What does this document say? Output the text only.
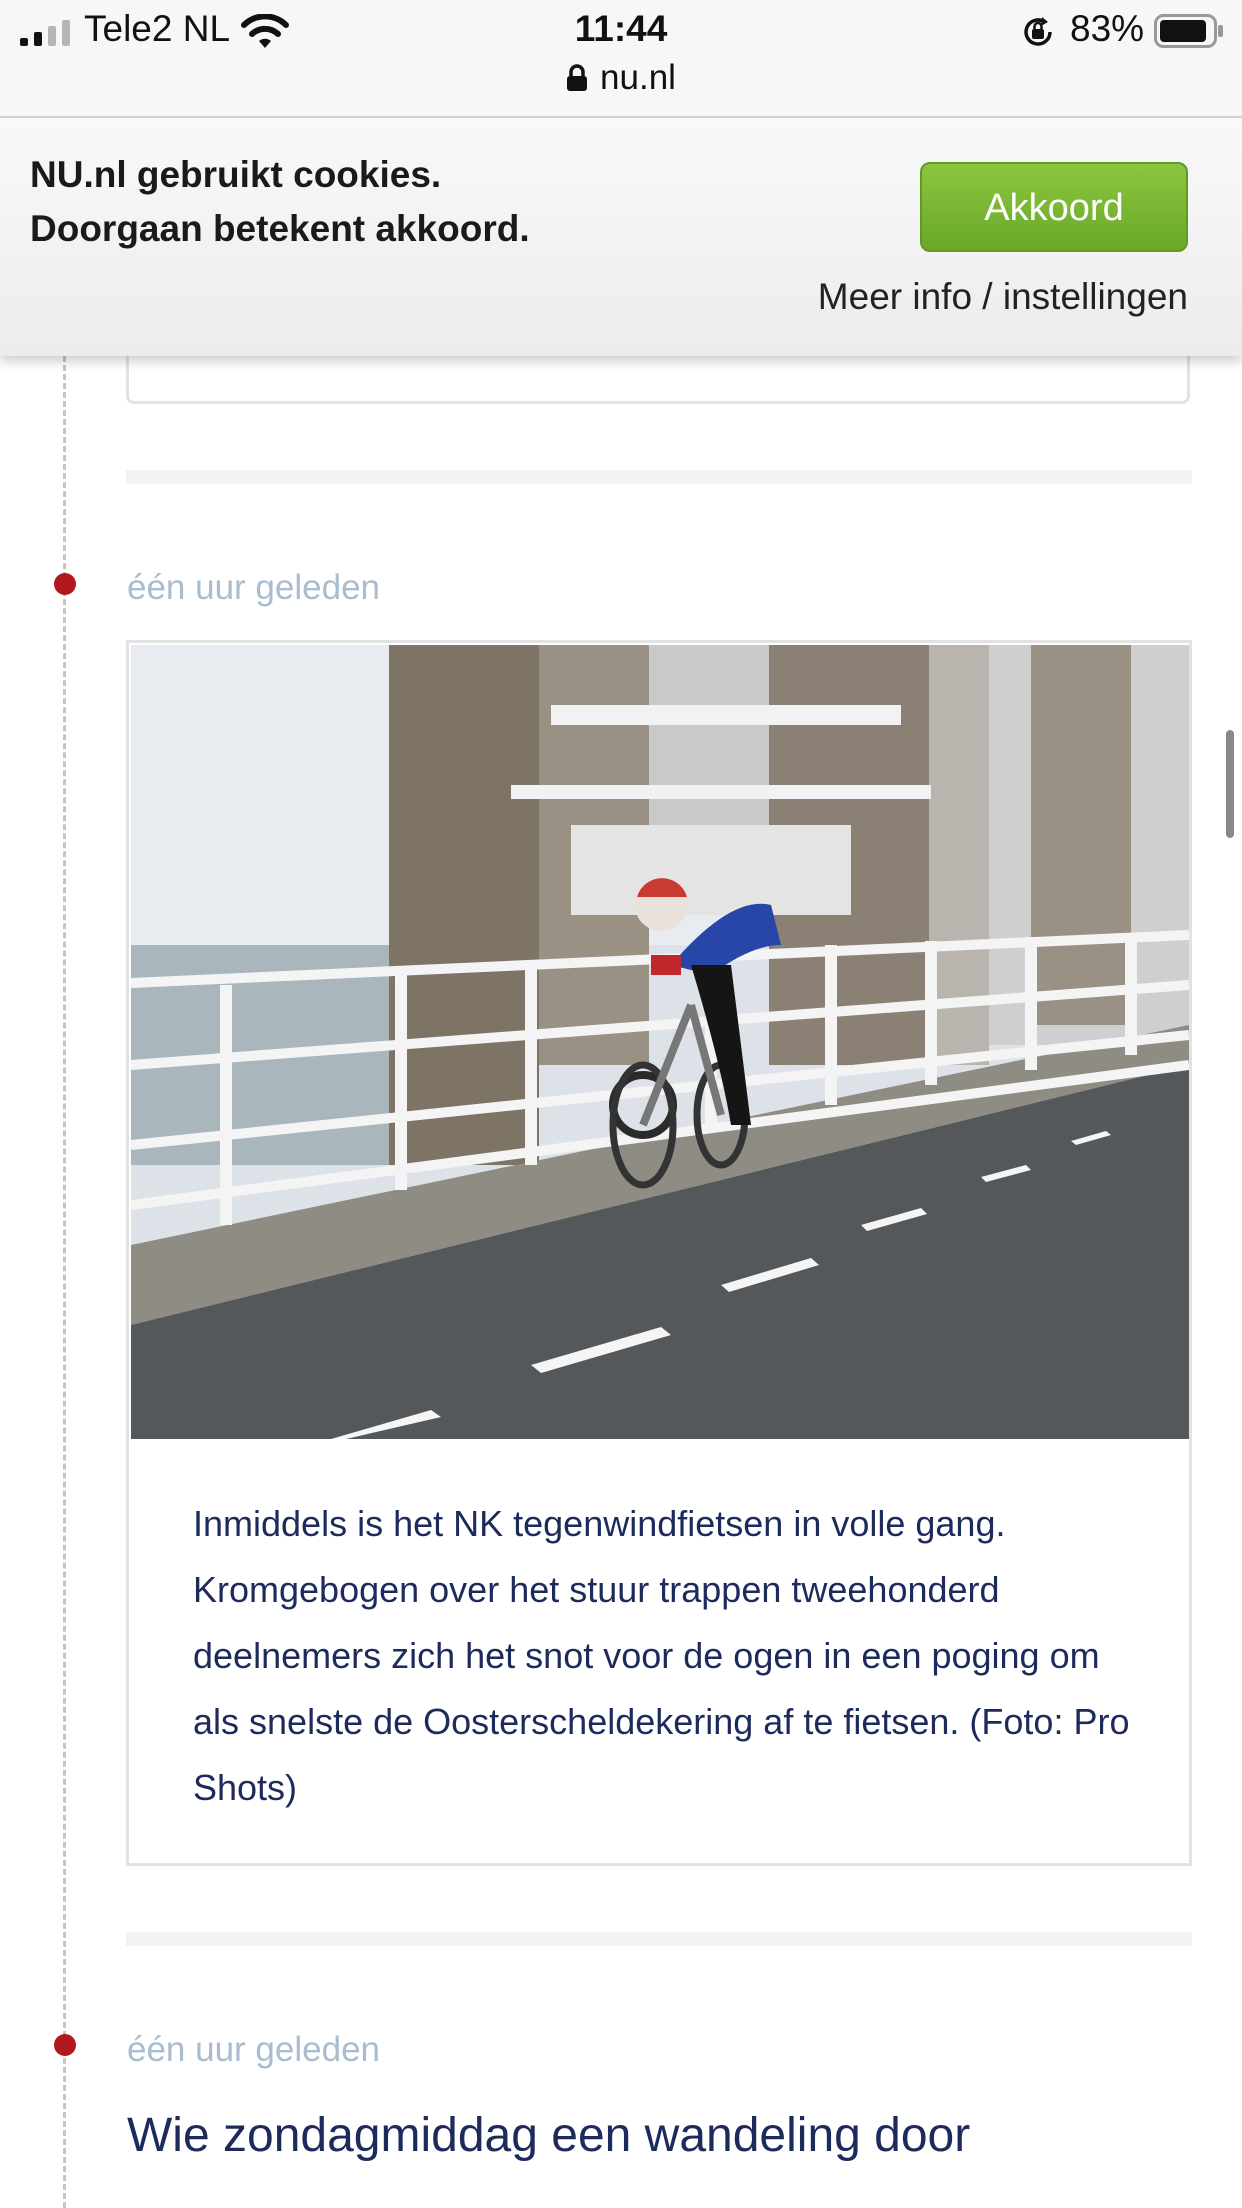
Tele2 NL	11:44
nu.nl
83%
NU.nl gebruikt cookies.
Doorgaan betekent akkoord.	Akkoord
Meer info / instellingen
één uur geleden
Inmiddels is het NK tegenwindfietsen in volle gang. Kromgebogen over het stuur trappen tweehonderd deelnemers zich het snot voor de ogen in een poging om als snelste de Oosterscheldekering af te fietsen. (Foto: Pro Shots)
één uur geleden
Wie zondagmiddag een wandeling door
